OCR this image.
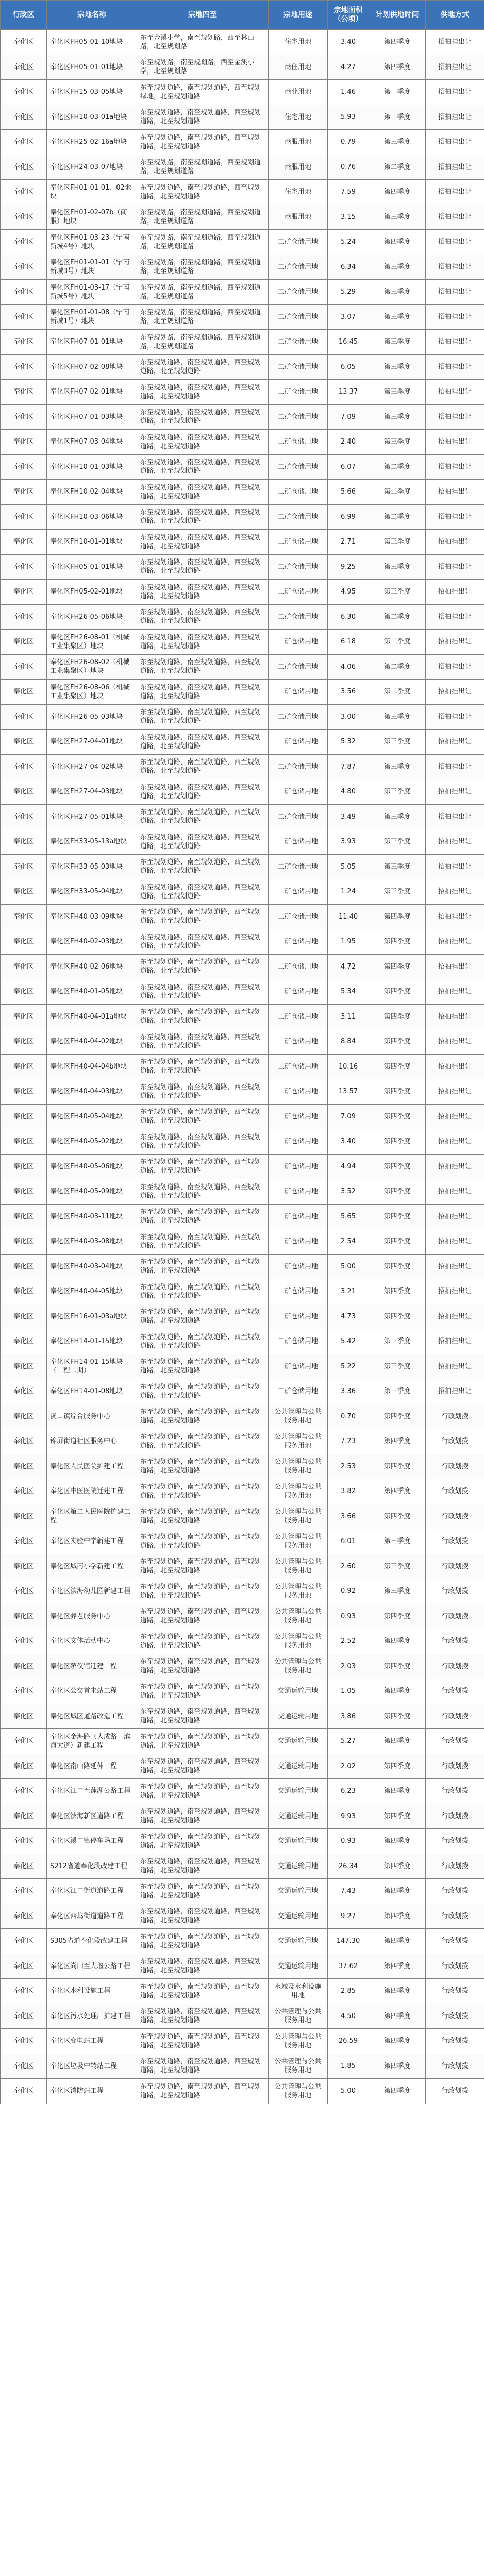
行政区	宗地名称	宗地四至	宗地用途	宗地面积（公顷）	计划供地时间	供地方式
奉化区	奉化区FH05-01-10地块	东至金溪小学，南至规划路，西至林山路，北至规划路	住宅用地	3.40	第四季度	招拍挂出让
奉化区	奉化区FH05-01-01地块	东至规划路，南至规划路，西至金溪小学，北至规划路	商住用地	4.27	第四季度	招拍挂出让
奉化区	奉化区FH15-03-05地块	东至规划道路，南至规划道路，西至规划绿地，北至规划道路	商业用地	1.46	第一季度	招拍挂出让
奉化区	奉化区FH10-03-01a地块	东至规划道路，南至规划道路，西至规划道路，北至规划道路	住宅用地	5.93	第一季度	招拍挂出让
奉化区	奉化区FH25-02-16a地块	东至规划道路，南至规划道路，西至规划道路，北至规划道路	商服用地	0.79	第三季度	招拍挂出让
奉化区	奉化区FH24-03-07地块	东至规划路，南至规划道路，西至规划道路，北至规划道路	商服用地	0.76	第二季度	招拍挂出让
奉化区	奉化区FH01-01-01、02地块	东至规划道路，南至规划道路，西至规划道路，北至规划道路	住宅用地	7.59	第四季度	招拍挂出让
奉化区	奉化区FH01-02-07b（商服）地块	东至规划路，南至规划道路，西至规划道路，北至规划道路	商服用地	3.15	第三季度	招拍挂出让
奉化区	奉化区FH01-03-23（宁南新城4号）地块	东至规划路，南至规划道路，西至规划道路，北至规划道路	工矿仓储用地	5.24	第四季度	招拍挂出让
奉化区	奉化区FH01-01-01（宁南新城3号）地块	东至规划路，南至规划道路，西至规划道路，北至规划道路	工矿仓储用地	6.34	第三季度	招拍挂出让
奉化区	奉化区FH01-03-17（宁南新城5号）地块	东至规划路，南至规划道路，西至规划道路，北至规划道路	工矿仓储用地	5.29	第三季度	招拍挂出让
奉化区	奉化区FH01-01-08（宁南新城1号）地块	东至规划路，南至规划道路，西至规划道路，北至规划道路	工矿仓储用地	3.07	第三季度	招拍挂出让
奉化区	奉化区FH07-01-01地块	东至规划路，南至规划道路，西至规划道路，北至规划道路	工矿仓储用地	16.45	第三季度	招拍挂出让
奉化区	奉化区FH07-02-08地块	东至规划道路，南至规划道路，西至规划道路，北至规划道路	工矿仓储用地	6.05	第三季度	招拍挂出让
奉化区	奉化区FH07-02-01地块	东至规划道路，南至规划道路，西至规划道路，北至规划道路	工矿仓储用地	13.37	第三季度	招拍挂出让
奉化区	奉化区FH07-01-03地块	东至规划道路，南至规划道路，西至规划道路，北至规划道路	工矿仓储用地	7.09	第三季度	招拍挂出让
奉化区	奉化区FH07-03-04地块	东至规划道路，南至规划道路，西至规划道路，北至规划道路	工矿仓储用地	2.40	第三季度	招拍挂出让
奉化区	奉化区FH10-01-03地块	东至规划道路，南至规划道路，西至规划道路，北至规划道路	工矿仓储用地	6.07	第二季度	招拍挂出让
奉化区	奉化区FH10-02-04地块	东至规划道路，南至规划道路，西至规划道路，北至规划道路	工矿仓储用地	5.66	第二季度	招拍挂出让
奉化区	奉化区FH10-03-06地块	东至规划道路，南至规划道路，西至规划道路，北至规划道路	工矿仓储用地	6.99	第二季度	招拍挂出让
奉化区	奉化区FH10-01-01地块	东至规划道路，南至规划道路，西至规划道路，北至规划道路	工矿仓储用地	2.71	第三季度	招拍挂出让
奉化区	奉化区FH05-01-01地块	东至规划道路，南至规划道路，西至规划道路，北至规划道路	工矿仓储用地	9.25	第三季度	招拍挂出让
奉化区	奉化区FH05-02-01地块	东至规划道路，南至规划道路，西至规划道路，北至规划道路	工矿仓储用地	4.95	第三季度	招拍挂出让
奉化区	奉化区FH26-05-06地块	东至规划道路，南至规划道路，西至规划道路，北至规划道路	工矿仓储用地	6.30	第二季度	招拍挂出让
奉化区	奉化区FH26-08-01（机械工业集聚区）地块	东至规划道路，南至规划道路，西至规划道路，北至规划道路	工矿仓储用地	6.18	第二季度	招拍挂出让
奉化区	奉化区FH26-08-02（机械工业集聚区）地块	东至规划道路，南至规划道路，西至规划道路，北至规划道路	工矿仓储用地	4.06	第二季度	招拍挂出让
奉化区	奉化区FH26-08-06（机械工业集聚区）地块	东至规划道路，南至规划道路，西至规划道路，北至规划道路	工矿仓储用地	3.56	第二季度	招拍挂出让
奉化区	奉化区FH26-05-03地块	东至规划道路，南至规划道路，西至规划道路，北至规划道路	工矿仓储用地	3.00	第三季度	招拍挂出让
奉化区	奉化区FH27-04-01地块	东至规划道路，南至规划道路，西至规划道路，北至规划道路	工矿仓储用地	5.32	第三季度	招拍挂出让
奉化区	奉化区FH27-04-02地块	东至规划道路，南至规划道路，西至规划道路，北至规划道路	工矿仓储用地	7.87	第三季度	招拍挂出让
奉化区	奉化区FH27-04-03地块	东至规划道路，南至规划道路，西至规划道路，北至规划道路	工矿仓储用地	4.80	第三季度	招拍挂出让
奉化区	奉化区FH27-05-01地块	东至规划道路，南至规划道路，西至规划道路，北至规划道路	工矿仓储用地	3.49	第三季度	招拍挂出让
奉化区	奉化区FH33-05-13a地块	东至规划道路，南至规划道路，西至规划道路，北至规划道路	工矿仓储用地	3.93	第三季度	招拍挂出让
奉化区	奉化区FH33-05-03地块	东至规划道路，南至规划道路，西至规划道路，北至规划道路	工矿仓储用地	5.05	第三季度	招拍挂出让
奉化区	奉化区FH33-05-04地块	东至规划道路，南至规划道路，西至规划道路，北至规划道路	工矿仓储用地	1.24	第三季度	招拍挂出让
奉化区	奉化区FH40-03-09地块	东至规划道路，南至规划道路，西至规划道路，北至规划道路	工矿仓储用地	11.40	第四季度	招拍挂出让
奉化区	奉化区FH40-02-03地块	东至规划道路，南至规划道路，西至规划道路，北至规划道路	工矿仓储用地	1.95	第四季度	招拍挂出让
奉化区	奉化区FH40-02-06地块	东至规划道路，南至规划道路，西至规划道路，北至规划道路	工矿仓储用地	4.72	第四季度	招拍挂出让
奉化区	奉化区FH40-01-05地块	东至规划道路，南至规划道路，西至规划道路，北至规划道路	工矿仓储用地	5.34	第四季度	招拍挂出让
奉化区	奉化区FH40-04-01a地块	东至规划道路，南至规划道路，西至规划道路，北至规划道路	工矿仓储用地	3.11	第四季度	招拍挂出让
奉化区	奉化区FH40-04-02地块	东至规划道路，南至规划道路，西至规划道路，北至规划道路	工矿仓储用地	8.84	第四季度	招拍挂出让
奉化区	奉化区FH40-04-04b地块	东至规划道路，南至规划道路，西至规划道路，北至规划道路	工矿仓储用地	10.16	第四季度	招拍挂出让
奉化区	奉化区FH40-04-03地块	东至规划道路，南至规划道路，西至规划道路，北至规划道路	工矿仓储用地	13.57	第四季度	招拍挂出让
奉化区	奉化区FH40-05-04地块	东至规划道路，南至规划道路，西至规划道路，北至规划道路	工矿仓储用地	7.09	第四季度	招拍挂出让
奉化区	奉化区FH40-05-02地块	东至规划道路，南至规划道路，西至规划道路，北至规划道路	工矿仓储用地	3.40	第四季度	招拍挂出让
奉化区	奉化区FH40-05-06地块	东至规划道路，南至规划道路，西至规划道路，北至规划道路	工矿仓储用地	4.94	第四季度	招拍挂出让
奉化区	奉化区FH40-05-09地块	东至规划道路，南至规划道路，西至规划道路，北至规划道路	工矿仓储用地	3.52	第四季度	招拍挂出让
奉化区	奉化区FH40-03-11地块	东至规划道路，南至规划道路，西至规划道路，北至规划道路	工矿仓储用地	5.65	第四季度	招拍挂出让
奉化区	奉化区FH40-03-08地块	东至规划道路，南至规划道路，西至规划道路，北至规划道路	工矿仓储用地	2.54	第四季度	招拍挂出让
奉化区	奉化区FH40-03-04地块	东至规划道路，南至规划道路，西至规划道路，北至规划道路	工矿仓储用地	5.00	第四季度	招拍挂出让
奉化区	奉化区FH40-04-05地块	东至规划道路，南至规划道路，西至规划道路，北至规划道路	工矿仓储用地	3.21	第四季度	招拍挂出让
奉化区	奉化区FH16-01-03a地块	东至规划道路，南至规划道路，西至规划道路，北至规划道路	工矿仓储用地	4.73	第四季度	招拍挂出让
奉化区	奉化区FH14-01-15地块	东至规划道路，南至规划道路，西至规划道路，北至规划道路	工矿仓储用地	5.42	第三季度	招拍挂出让
奉化区	奉化区FH14-01-15地块（工程二期）	东至规划道路，南至规划道路，西至规划道路，北至规划道路	工矿仓储用地	5.22	第三季度	招拍挂出让
奉化区	奉化区FH14-01-08地块	东至规划道路，南至规划道路，西至规划道路，北至规划道路	工矿仓储用地	3.36	第三季度	招拍挂出让
奉化区	溪口镇综合服务中心	东至规划道路，南至规划道路，西至规划道路，北至规划道路	公共管理与公共服务用地	0.70	第四季度	行政划拨
奉化区	锦屏街道社区服务中心	东至规划道路，南至规划道路，西至规划道路，北至规划道路	公共管理与公共服务用地	7.23	第四季度	行政划拨
奉化区	奉化区人民医院扩建工程	东至规划道路，南至规划道路，西至规划道路，北至规划道路	公共管理与公共服务用地	2.53	第四季度	行政划拨
奉化区	奉化区中医医院迁建工程	东至规划道路，南至规划道路，西至规划道路，北至规划道路	公共管理与公共服务用地	3.82	第四季度	行政划拨
奉化区	奉化区第二人民医院扩建工程	东至规划道路，南至规划道路，西至规划道路，北至规划道路	公共管理与公共服务用地	3.66	第四季度	行政划拨
奉化区	奉化区实验中学新建工程	东至规划道路，南至规划道路，西至规划道路，北至规划道路	公共管理与公共服务用地	6.01	第三季度	行政划拨
奉化区	奉化区城南小学新建工程	东至规划道路，南至规划道路，西至规划道路，北至规划道路	公共管理与公共服务用地	2.60	第三季度	行政划拨
奉化区	奉化区滨海幼儿园新建工程	东至规划道路，南至规划道路，西至规划道路，北至规划道路	公共管理与公共服务用地	0.92	第三季度	行政划拨
奉化区	奉化区养老服务中心	东至规划道路，南至规划道路，西至规划道路，北至规划道路	公共管理与公共服务用地	0.93	第四季度	行政划拨
奉化区	奉化区文体活动中心	东至规划道路，南至规划道路，西至规划道路，北至规划道路	公共管理与公共服务用地	2.52	第四季度	行政划拨
奉化区	奉化区殡仪馆迁建工程	东至规划道路，南至规划道路，西至规划道路，北至规划道路	公共管理与公共服务用地	2.03	第四季度	行政划拨
奉化区	奉化区公交首末站工程	东至规划道路，南至规划道路，西至规划道路，北至规划道路	交通运输用地	1.05	第四季度	行政划拨
奉化区	奉化区城区道路改造工程	东至规划道路，南至规划道路，西至规划道路，北至规划道路	交通运输用地	3.86	第四季度	行政划拨
奉化区	奉化区金海路（大成路—滨海大道）新建工程	东至规划道路，南至规划道路，西至规划道路，北至规划道路	交通运输用地	5.27	第四季度	行政划拨
奉化区	奉化区南山路延伸工程	东至规划道路，南至规划道路，西至规划道路，北至规划道路	交通运输用地	2.02	第四季度	行政划拨
奉化区	奉化区江口至莼湖公路工程	东至规划道路，南至规划道路，西至规划道路，北至规划道路	交通运输用地	6.23	第四季度	行政划拨
奉化区	奉化区滨海新区道路工程	东至规划道路，南至规划道路，西至规划道路，北至规划道路	交通运输用地	9.93	第四季度	行政划拨
奉化区	奉化区溪口镇停车场工程	东至规划道路，南至规划道路，西至规划道路，北至规划道路	交通运输用地	0.93	第四季度	行政划拨
奉化区	S212省道奉化段改建工程	东至规划道路，南至规划道路，西至规划道路，北至规划道路	交通运输用地	26.34	第四季度	行政划拨
奉化区	奉化区江口街道道路工程	东至规划道路，南至规划道路，西至规划道路，北至规划道路	交通运输用地	7.43	第四季度	行政划拨
奉化区	奉化区西坞街道道路工程	东至规划道路，南至规划道路，西至规划道路，北至规划道路	交通运输用地	9.27	第四季度	行政划拨
奉化区	S305省道奉化段改建工程	东至规划道路，南至规划道路，西至规划道路，北至规划道路	交通运输用地	147.30	第四季度	行政划拨
奉化区	奉化区尚田至大堰公路工程	东至规划道路，南至规划道路，西至规划道路，北至规划道路	交通运输用地	37.62	第四季度	行政划拨
奉化区	奉化区水利设施工程	东至规划道路，南至规划道路，西至规划道路，北至规划道路	水域及水利设施用地	2.85	第四季度	行政划拨
奉化区	奉化区污水处理厂扩建工程	东至规划道路，南至规划道路，西至规划道路，北至规划道路	公共管理与公共服务用地	4.50	第四季度	行政划拨
奉化区	奉化区变电站工程	东至规划道路，南至规划道路，西至规划道路，北至规划道路	公共管理与公共服务用地	26.59	第四季度	行政划拨
奉化区	奉化区垃圾中转站工程	东至规划道路，南至规划道路，西至规划道路，北至规划道路	公共管理与公共服务用地	1.85	第四季度	行政划拨
奉化区	奉化区消防站工程	东至规划道路，南至规划道路，西至规划道路，北至规划道路	公共管理与公共服务用地	5.00	第四季度	行政划拨
